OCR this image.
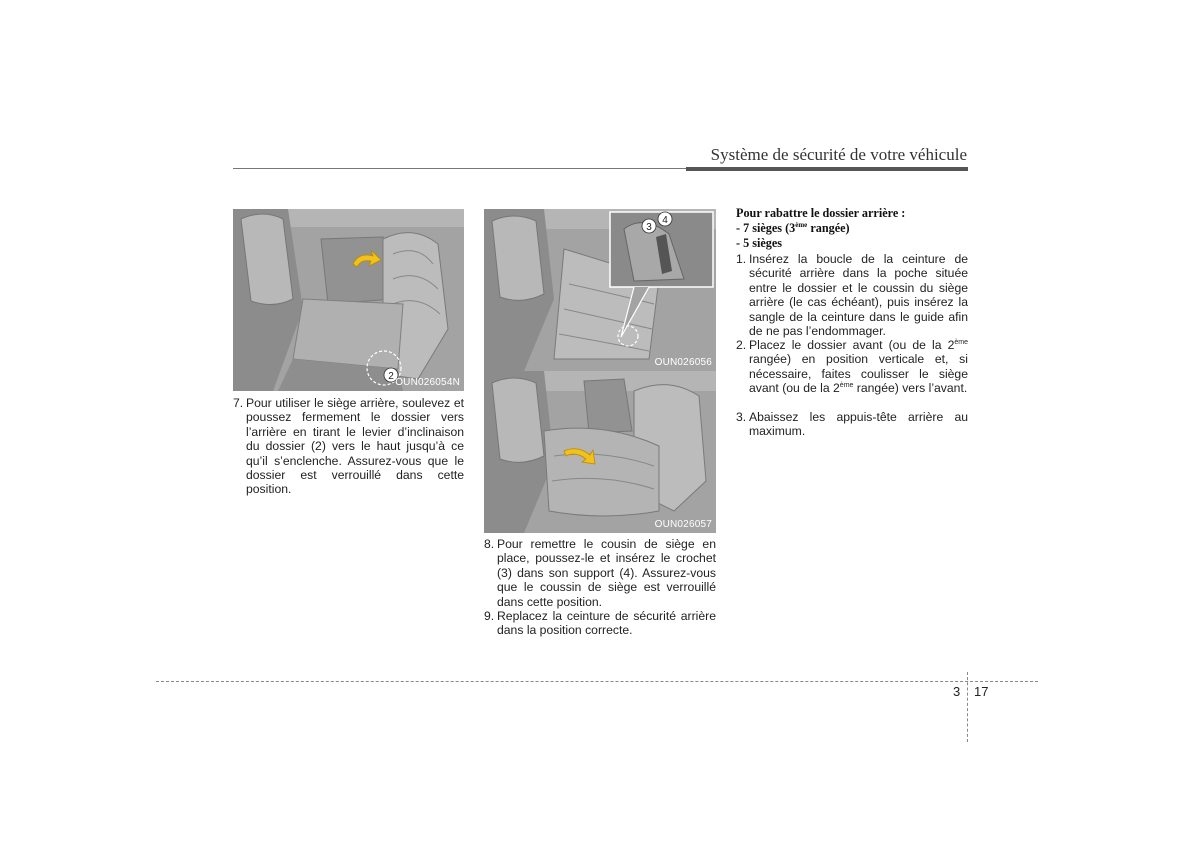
Système de sécurité de votre véhicule
2
OUN026054N
3
4
OUN026056
OUN026057
7. Pour utiliser le siège arrière, soulevez et poussez fermement le dossier vers l’arrière en tirant le levier d’inclinaison du dossier (2) vers le haut jusqu’à ce qu’il s’enclenche. Assurez-vous que le dossier est verrouillé dans cette position.
8. Pour remettre le cousin de siège en place, poussez-le et insérez le crochet (3) dans son support (4). Assurez-vous que le coussin de siège est verrouillé dans cette position.
9. Replacez la ceinture de sécurité arrière dans la position correcte.
Pour rabattre le dossier arrière :
- 7 sièges (3ème rangée)
- 5 sièges
1. Insérez la boucle de la ceinture de sécurité arrière dans la poche située entre le dossier et le coussin du siège arrière (le cas échéant), puis insérez la sangle de la ceinture dans le guide afin de ne pas l’endommager.
2. Placez le dossier avant (ou de la 2ème rangée) en position verticale et, si nécessaire, faites coulisser le siège avant (ou de la 2ème rangée) vers l’avant.
3. Abaissez les appuis-tête arrière au maximum.
3 17
